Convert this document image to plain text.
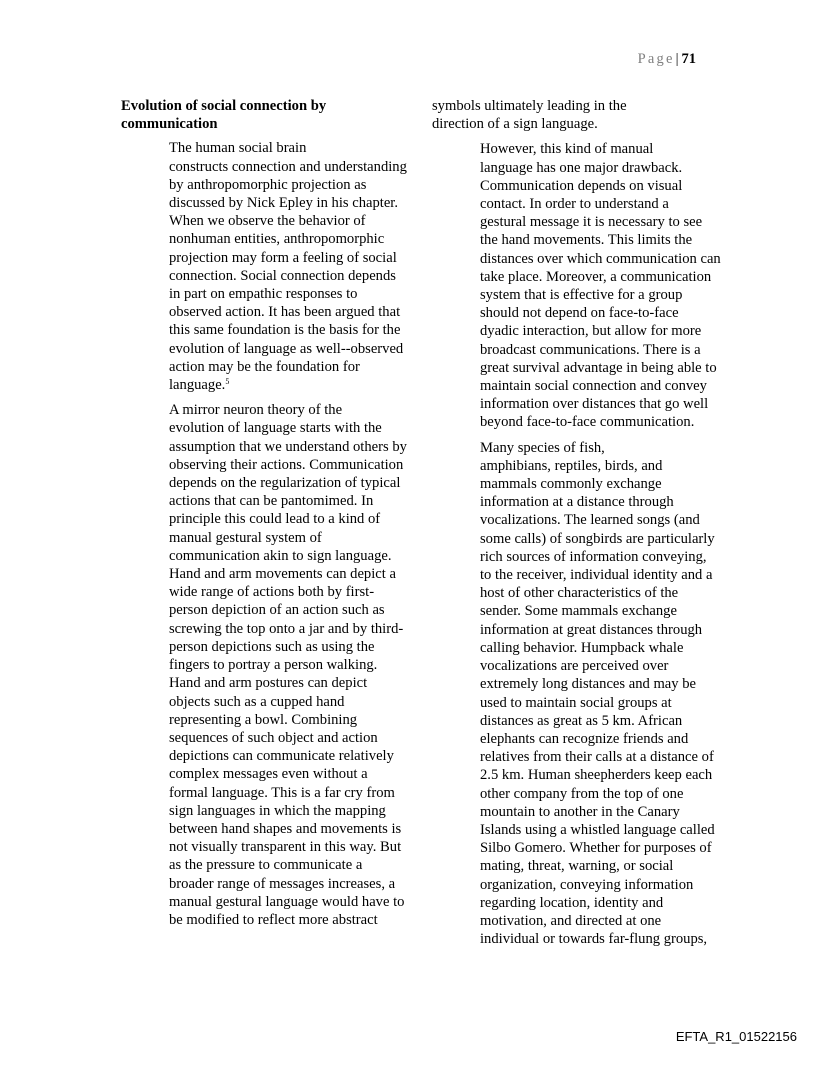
Page| 71
Evolution of social connection by
communication

The human social brain
constructs connection and understanding
by anthropomorphic projection as
discussed by Nick Epley in his chapter.
When we observe the behavior of
nonhuman entities, anthropomorphic
projection may form a feeling of social
connection. Social connection depends
in part on empathic responses to
observed action. It has been argued that
this same foundation is the basis for the
evolution of language as well--observed
action may be the foundation for
language.$^5$

A mirror neuron theory of the
evolution of language starts with the
assumption that we understand others by
observing their actions. Communication
depends on the regularization of typical
actions that can be pantomimed. In
principle this could lead to a kind of
manual gestural system of
communication akin to sign language.
Hand and arm movements can depict a
wide range of actions both by first-
person depiction of an action such as
screwing the top onto a jar and by third-
person depictions such as using the
fingers to portray a person walking.
Hand and arm postures can depict
objects such as a cupped hand
representing a bowl. Combining
sequences of such object and action
depictions can communicate relatively
complex messages even without a
formal language. This is a far cry from
sign languages in which the mapping
between hand shapes and movements is
not visually transparent in this way. But
as the pressure to communicate a
broader range of messages increases, a
manual gestural language would have to
be modified to reflect more abstract

symbols ultimately leading in the
direction of a sign language.

However, this kind of manual
language has one major drawback.
Communication depends on visual
contact. In order to understand a
gestural message it is necessary to see
the hand movements. This limits the
distances over which communication can
take place. Moreover, a communication
system that is effective for a group
should not depend on face-to-face
dyadic interaction, but allow for more
broadcast communications. There is a
great survival advantage in being able to
maintain social connection and convey
information over distances that go well
beyond face-to-face communication.

Many species of fish,
amphibians, reptiles, birds, and
mammals commonly exchange
information at a distance through
vocalizations. The learned songs (and
some calls) of songbirds are particularly
rich sources of information conveying,
to the receiver, individual identity and a
host of other characteristics of the
sender. Some mammals exchange
information at great distances through
calling behavior. Humpback whale
vocalizations are perceived over
extremely long distances and may be
used to maintain social groups at
distances as great as 5 km. African
elephants can recognize friends and
relatives from their calls at a distance of
2.5 km. Human sheepherders keep each
other company from the top of one
mountain to another in the Canary
Islands using a whistled language called
Silbo Gomero. Whether for purposes of
mating, threat, warning, or social
organization, conveying information
regarding location, identity and
motivation, and directed at one
individual or towards far-flung groups,

EFTA_R1_01522156
